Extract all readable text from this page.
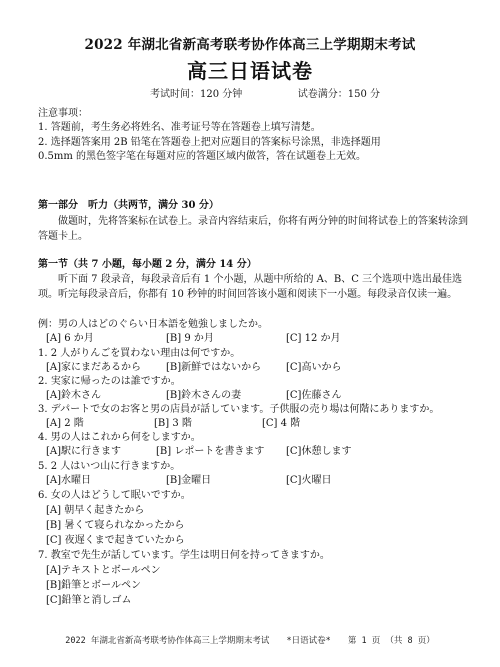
2022 年湖北省新高考联考协作体高三上学期期末考试
高三日语试卷
考试时间：120 分钟	试卷满分：150 分
注意事项：
1. 答题前，考生务必将姓名、准考证号等在答题卷上填写清楚。
2. 选择题答案用 2B 铅笔在答题卷上把对应题目的答案标号涂黑，非选择题用
0.5mm 的黑色签字笔在每题对应的答题区域内做答，答在试题卷上无效。
第一部分　听力（共两节，满分 30 分）
做题时，先将答案标在试卷上。录音内容结束后，你将有两分钟的时间将试卷上的答案转涂到答题卡上。
第一节（共 7 小题，每小题 2 分，满分 14 分）
听下面 7 段录音，每段录音后有 1 个小题，从题中所给的 A、B、C 三个选项中选出最佳选项。听完每段录音后，你都有 10 秒钟的时间回答该小题和阅读下一小题。每段录音仅读一遍。
例：男の人はどのぐらい日本語を勉強しましたか。
[A] 6 か月	[B] 9 か月	[C] 12 か月
1. 2 人がりんごを買わない理由は何ですか。
[A]家にまだあるから	[B]新鮮ではないから	[C]高いから
2. 実家に帰ったのは誰ですか。
[A]鈴木さん	[B]鈴木さんの妻	[C]佐藤さん
3. デパートで女のお客と男の店員が話しています。子供服の売り場は何階にありますか。
[A] 2 階	[B] 3 階	[C] 4 階
4. 男の人はこれから何をしますか。
[A]駅に行きます	[B] レポートを書きます	[C]休憩します
5. 2 人はいつ山に行きますか。
[A]水曜日	[B]金曜日	[C]火曜日
6. 女の人はどうして眠いですか。
[A] 朝早く起きたから
[B] 暑くて寝られなかったから
[C] 夜遅くまで起きていたから
7. 教室で先生が話しています。学生は明日何を持ってきますか。
[A]テキストとボールペン
[B]鉛筆とボールペン
[C]鉛筆と消しゴム
2022 年湖北省新高考联考协作体高三上学期期末考试 *日语试卷* 第 1 页 （共 8 页）
